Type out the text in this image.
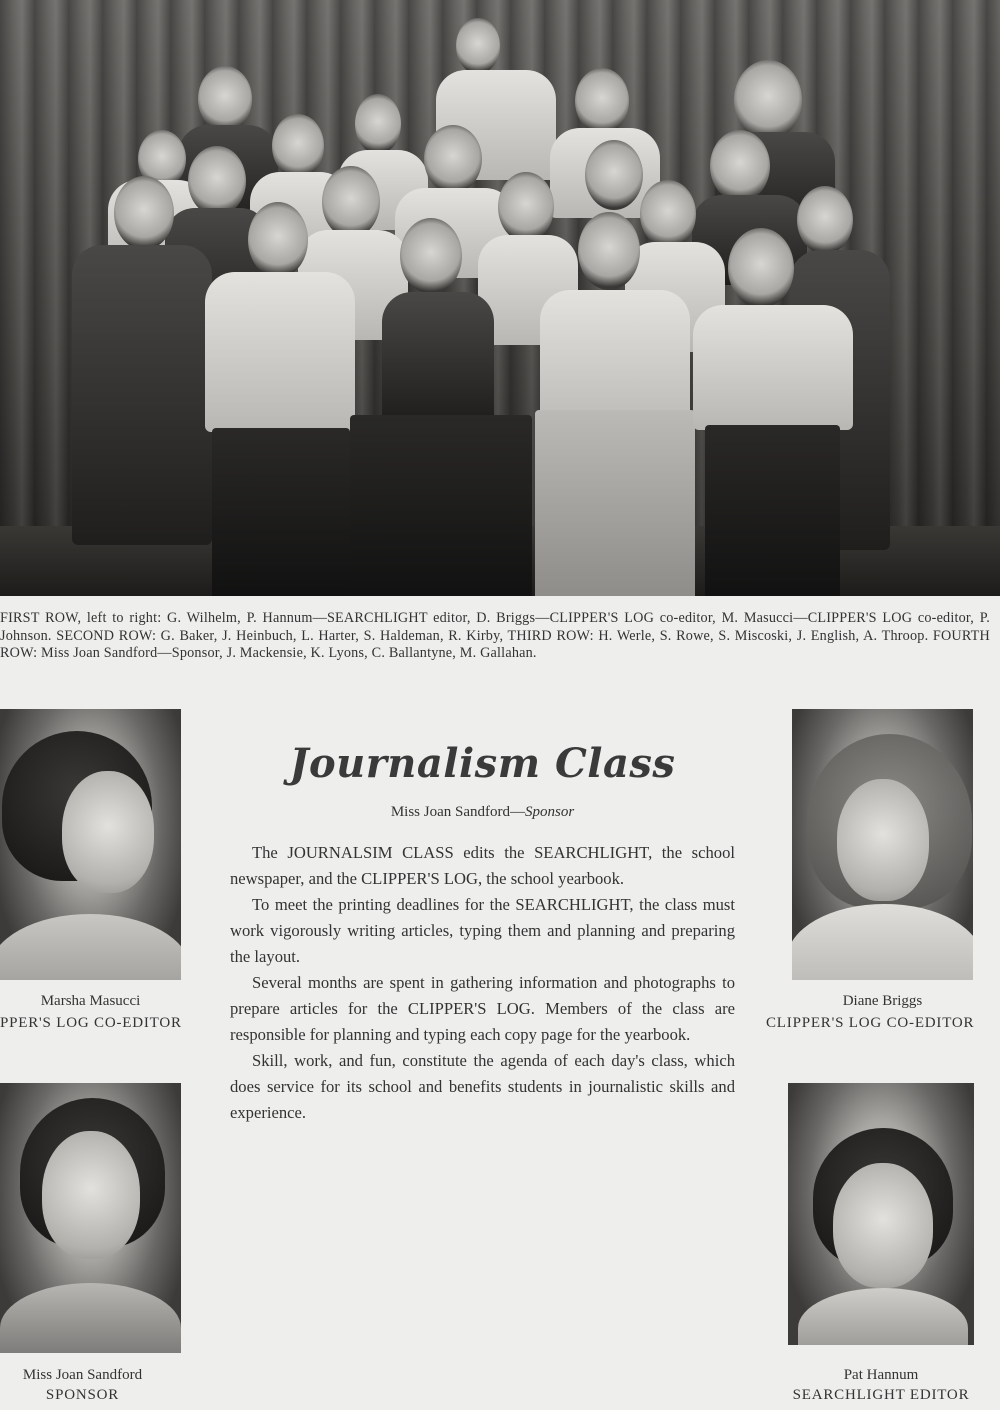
FIRST ROW, left to right: G. Wilhelm, P. Hannum—SEARCHLIGHT editor, D. Briggs—CLIPPER'S LOG co-editor, M. Masucci—CLIPPER'S LOG co-editor, P. Johnson. SECOND ROW: G. Baker, J. Heinbuch, L. Harter, S. Haldeman, R. Kirby, THIRD ROW: H. Werle, S. Rowe, S. Miscoski, J. English, A. Throop. FOURTH ROW: Miss Joan Sandford—Sponsor, J. Mackensie, K. Lyons, C. Ballantyne, M. Gallahan.
Marsha Masucci
PPER'S LOG CO-EDITOR
Diane Briggs
CLIPPER'S LOG CO-EDITOR
Miss Joan Sandford
SPONSOR
Pat Hannum
SEARCHLIGHT EDITOR
Journalism Class
Miss Joan Sandford—Sponsor

The JOURNALSIM CLASS edits the SEARCHLIGHT, the school newspaper, and the CLIPPER'S LOG, the school yearbook.

To meet the printing deadlines for the SEARCHLIGHT, the class must work vigorously writing articles, typing them and planning and preparing the layout.

Several months are spent in gathering information and photographs to prepare articles for the CLIPPER'S LOG. Members of the class are responsible for planning and typing each copy page for the yearbook.

Skill, work, and fun, constitute the agenda of each day's class, which does service for its school and benefits students in journalistic skills and experience.
